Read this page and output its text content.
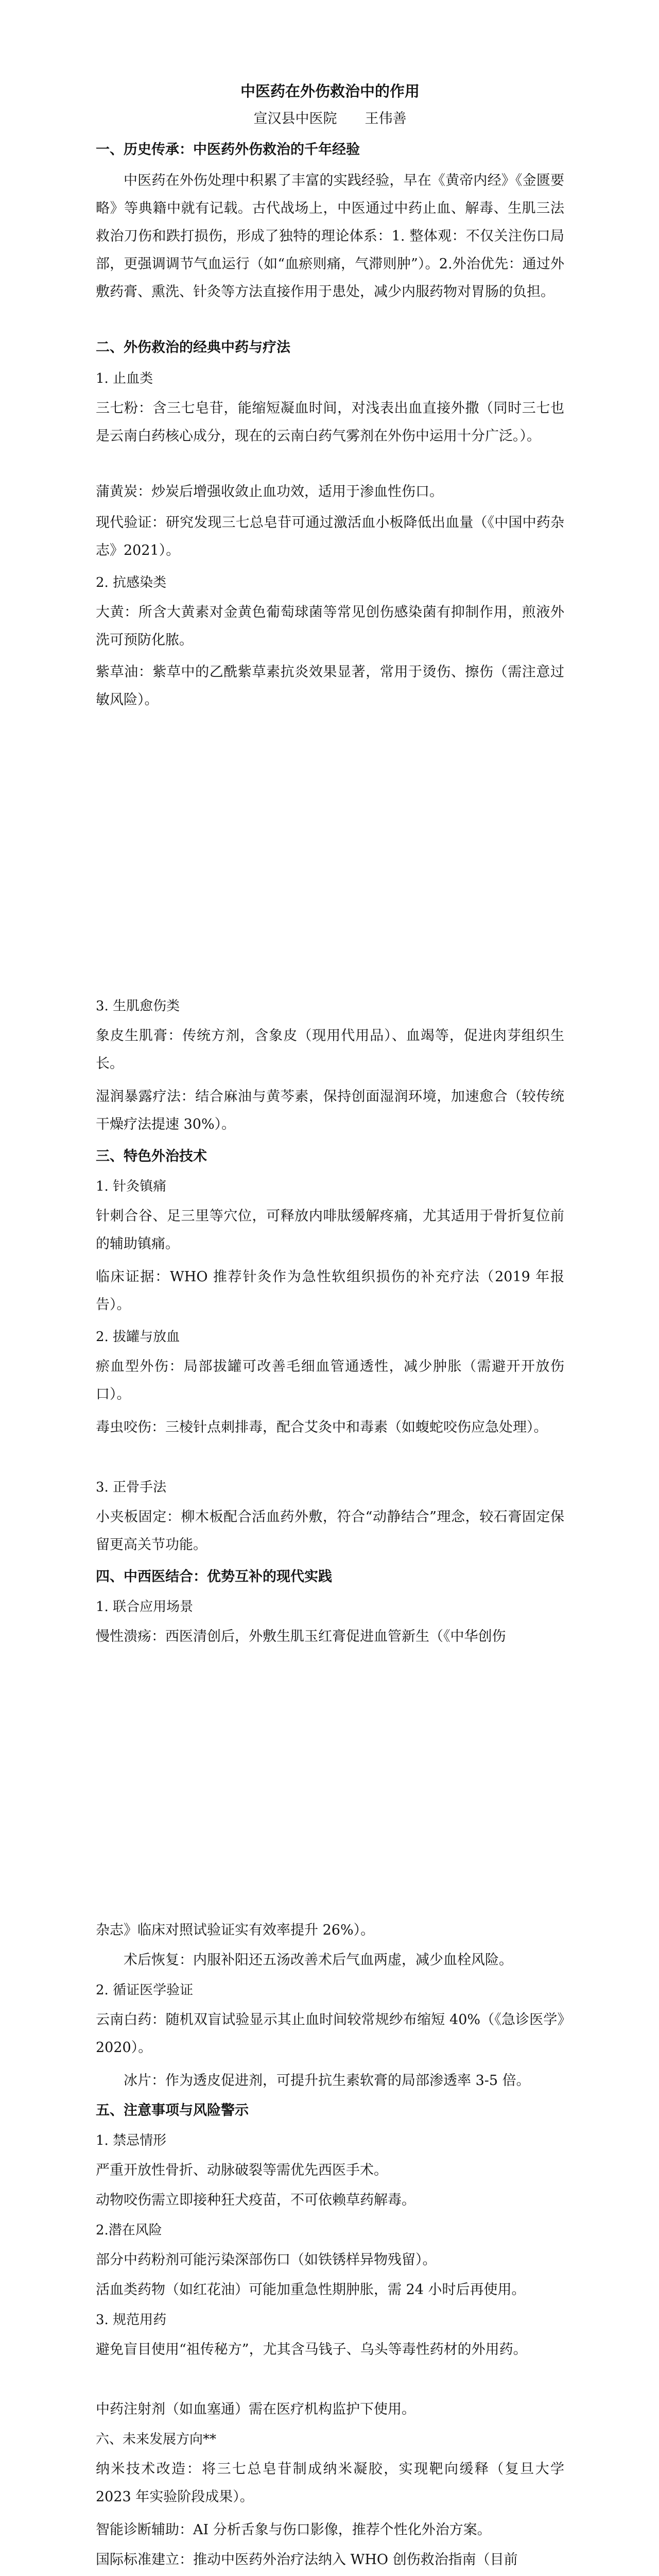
中医药在外伤救治中的作用

宣汉县中医院　　王伟善

一、历史传承：中医药外伤救治的千年经验

中医药在外伤处理中积累了丰富的实践经验，早在《黄帝内经》《金匮要略》等典籍中就有记载。古代战场上，中医通过中药止血、解毒、生肌三法救治刀伤和跌打损伤，形成了独特的理论体系：1. 整体观：不仅关注伤口局部，更强调调节气血运行（如“血瘀则痛，气滞则肿”）。2.外治优先：通过外敷药膏、熏洗、针灸等方法直接作用于患处，减少内服药物对胃肠的负担。

二、外伤救治的经典中药与疗法

1. 止血类

三七粉：含三七皂苷，能缩短凝血时间，对浅表出血直接外撒（同时三七也是云南白药核心成分，现在的云南白药气雾剂在外伤中运用十分广泛。）。

蒲黄炭：炒炭后增强收敛止血功效，适用于渗血性伤口。

现代验证：研究发现三七总皂苷可通过激活血小板降低出血量（《中国中药杂志》2021）。

2. 抗感染类

大黄：所含大黄素对金黄色葡萄球菌等常见创伤感染菌有抑制作用，煎液外洗可预防化脓。

紫草油：紫草中的乙酰紫草素抗炎效果显著，常用于烫伤、擦伤（需注意过敏风险）。

3. 生肌愈伤类

象皮生肌膏：传统方剂，含象皮（现用代用品）、血竭等，促进肉芽组织生长。

湿润暴露疗法：结合麻油与黄芩素，保持创面湿润环境，加速愈合（较传统干燥疗法提速 30%）。

三、特色外治技术

1. 针灸镇痛

针刺合谷、足三里等穴位，可释放内啡肽缓解疼痛，尤其适用于骨折复位前的辅助镇痛。

临床证据：WHO 推荐针灸作为急性软组织损伤的补充疗法（2019 年报告）。

2. 拔罐与放血

瘀血型外伤：局部拔罐可改善毛细血管通透性，减少肿胀（需避开开放伤口）。

毒虫咬伤：三棱针点刺排毒，配合艾灸中和毒素（如蝮蛇咬伤应急处理）。

3. 正骨手法

小夹板固定：柳木板配合活血药外敷，符合“动静结合”理念，较石膏固定保留更高关节功能。

四、中西医结合：优势互补的现代实践

1. 联合应用场景

慢性溃疡：西医清创后，外敷生肌玉红膏促进血管新生（《中华创伤

杂志》临床对照试验证实有效率提升 26%）。

术后恢复：内服补阳还五汤改善术后气血两虚，减少血栓风险。

2. 循证医学验证

云南白药：随机双盲试验显示其止血时间较常规纱布缩短 40%（《急诊医学》2020）。

冰片：作为透皮促进剂，可提升抗生素软膏的局部渗透率 3-5 倍。

五、注意事项与风险警示

1. 禁忌情形

严重开放性骨折、动脉破裂等需优先西医手术。

动物咬伤需立即接种狂犬疫苗，不可依赖草药解毒。

2.潜在风险

部分中药粉剂可能污染深部伤口（如铁锈样异物残留）。

活血类药物（如红花油）可能加重急性期肿胀，需 24 小时后再使用。

3. 规范用药

避免盲目使用“祖传秘方”，尤其含马钱子、乌头等毒性药材的外用药。

中药注射剂（如血塞通）需在医疗机构监护下使用。

六、未来发展方向**

纳米技术改造：将三七总皂苷制成纳米凝胶，实现靶向缓释（复旦大学 2023 年实验阶段成果）。

智能诊断辅助：AI 分析舌象与伤口影像，推荐个性化外治方案。

国际标准建立：推动中医药外治疗法纳入 WHO 创伤救治指南（目前
